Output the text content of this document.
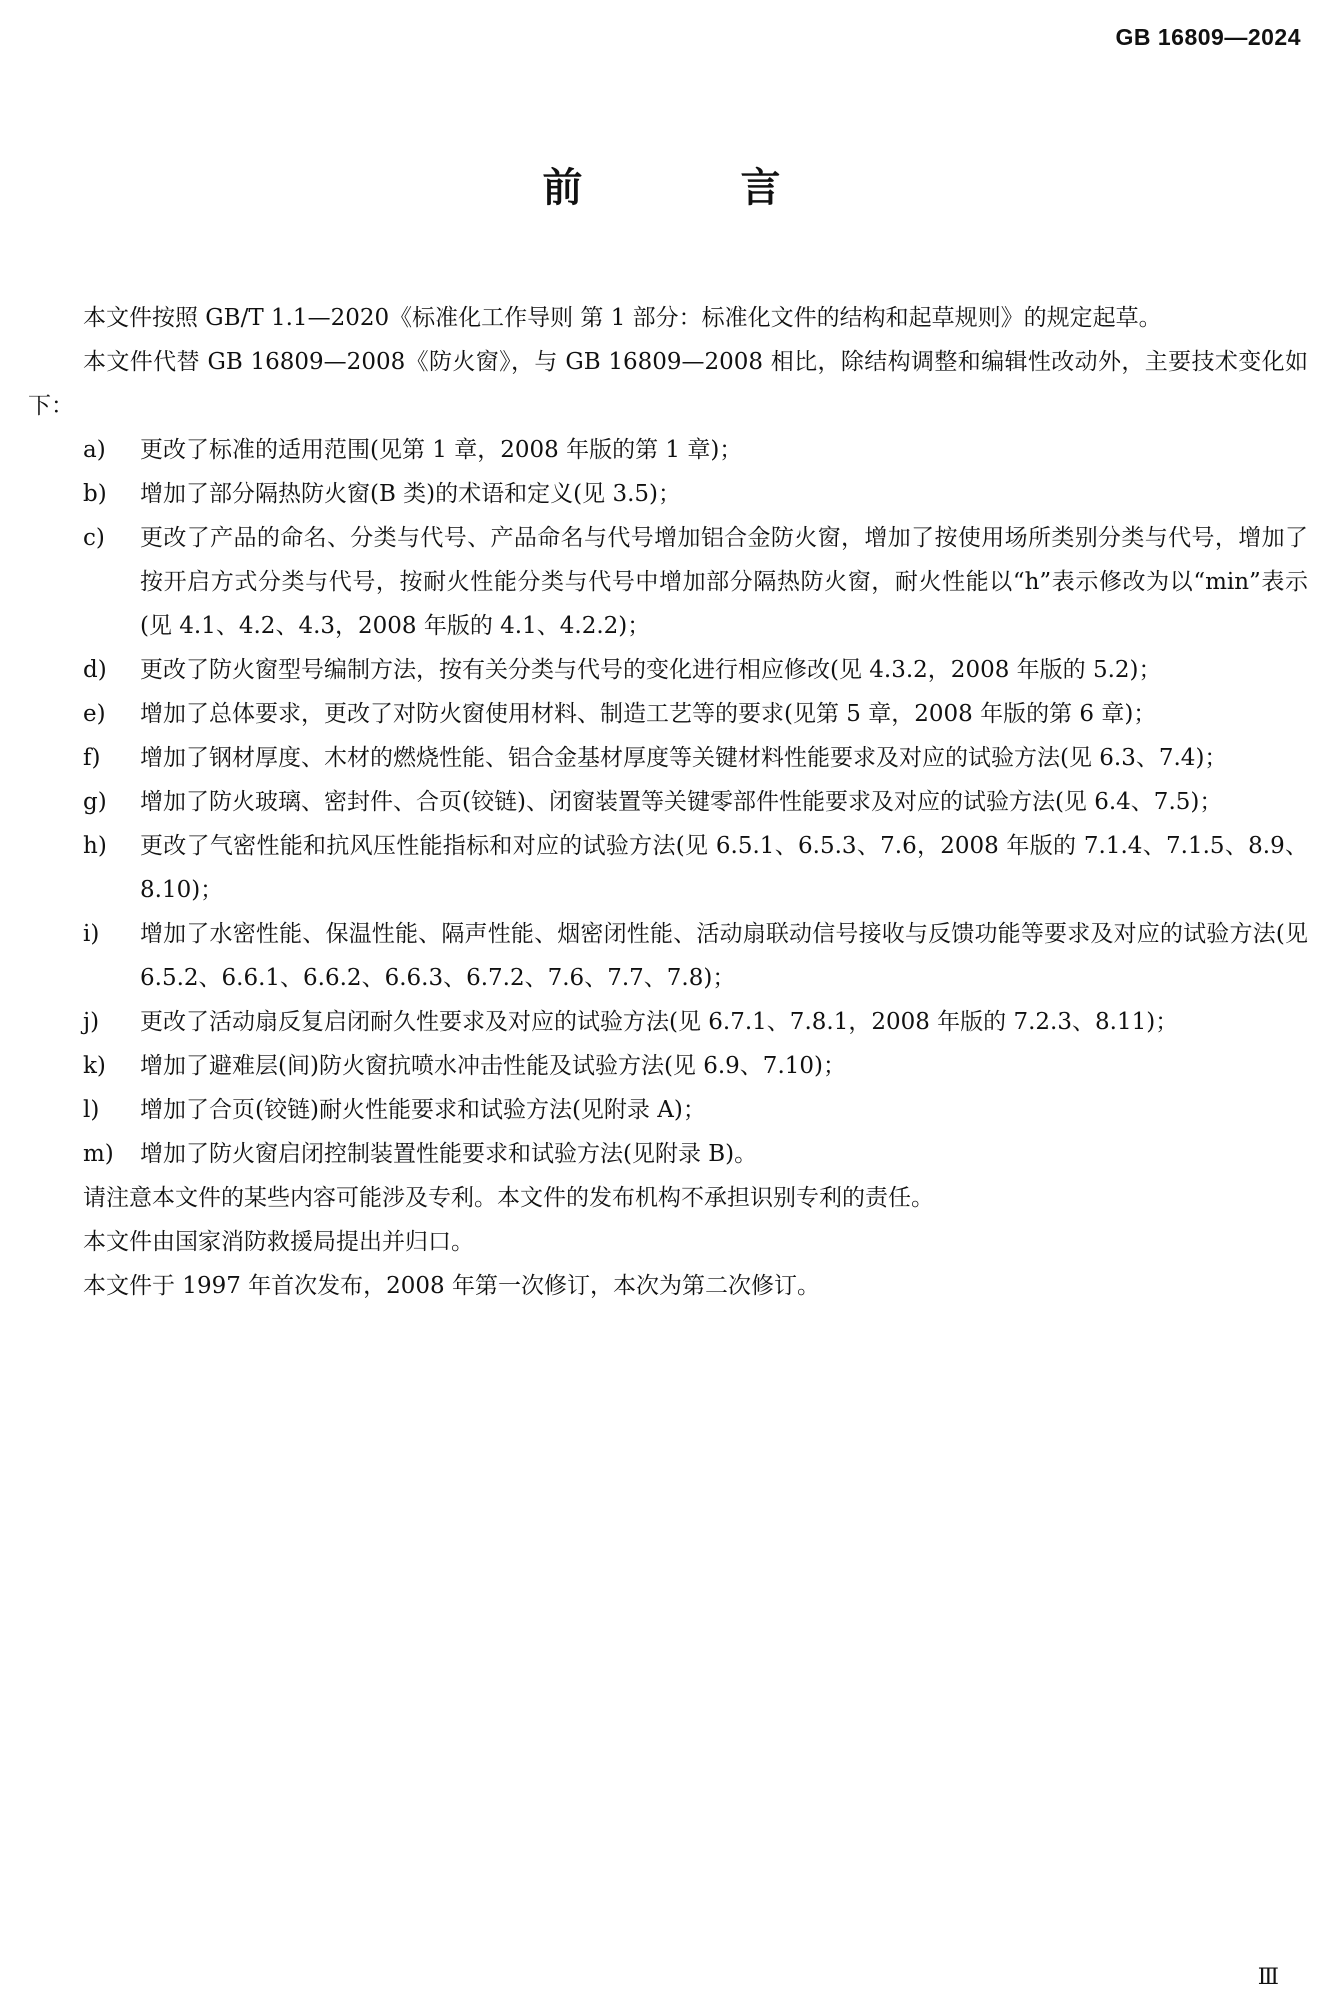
GB 16809—2024
前 言

本文件按照 GB/T 1.1—2020《标准化工作导则 第 1 部分：标准化文件的结构和起草规则》的规定起草。

本文件代替 GB 16809—2008《防火窗》，与 GB 16809—2008 相比，除结构调整和编辑性改动外，主要技术变化如下：

a) 更改了标准的适用范围(见第 1 章，2008 年版的第 1 章)；
b) 增加了部分隔热防火窗(B 类)的术语和定义(见 3.5)；
c) 更改了产品的命名、分类与代号、产品命名与代号增加铝合金防火窗，增加了按使用场所类别分类与代号，增加了按开启方式分类与代号，按耐火性能分类与代号中增加部分隔热防火窗，耐火性能以“h”表示修改为以“min”表示(见 4.1、4.2、4.3，2008 年版的 4.1、4.2.2)；
d) 更改了防火窗型号编制方法，按有关分类与代号的变化进行相应修改(见 4.3.2，2008 年版的 5.2)；
e) 增加了总体要求，更改了对防火窗使用材料、制造工艺等的要求(见第 5 章，2008 年版的第 6 章)；
f) 增加了钢材厚度、木材的燃烧性能、铝合金基材厚度等关键材料性能要求及对应的试验方法(见 6.3、7.4)；
g) 增加了防火玻璃、密封件、合页(铰链)、闭窗装置等关键零部件性能要求及对应的试验方法(见 6.4、7.5)；
h) 更改了气密性能和抗风压性能指标和对应的试验方法(见 6.5.1、6.5.3、7.6，2008 年版的 7.1.4、7.1.5、8.9、8.10)；
i) 增加了水密性能、保温性能、隔声性能、烟密闭性能、活动扇联动信号接收与反馈功能等要求及对应的试验方法(见 6.5.2、6.6.1、6.6.2、6.6.3、6.7.2、7.6、7.7、7.8)；
j) 更改了活动扇反复启闭耐久性要求及对应的试验方法(见 6.7.1、7.8.1，2008 年版的 7.2.3、8.11)；
k) 增加了避难层(间)防火窗抗喷水冲击性能及试验方法(见 6.9、7.10)；
l) 增加了合页(铰链)耐火性能要求和试验方法(见附录 A)；
m) 增加了防火窗启闭控制装置性能要求和试验方法(见附录 B)。

请注意本文件的某些内容可能涉及专利。本文件的发布机构不承担识别专利的责任。

本文件由国家消防救援局提出并归口。

本文件于 1997 年首次发布，2008 年第一次修订，本次为第二次修订。

Ⅲ
